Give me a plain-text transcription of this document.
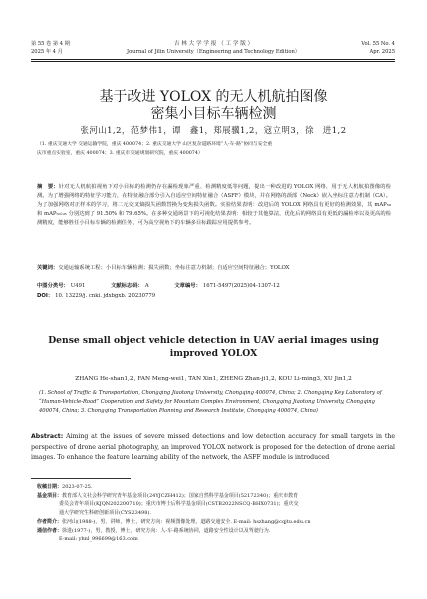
第 55 卷 第 4 期
2025 年 4 月
吉 林 大 学 学 报 （ 工 学 版 ）
Journal of Jilin University（Engineering and Technology Edition）
Vol. 55 No. 4
Apr. 2025
基于改进 YOLOX 的无人机航拍图像
密集小目标车辆检测
张河山1,2，范梦伟1，谭　鑫1，郑展骥1,2，寇立明3，徐　进1,2
（1. 重庆交通大学 交通运输学院，重庆 400074；2. 重庆交通大学 山区复杂道路环境“人-车-路”协同与安全重
庆市重点实验室，重庆 400074；3. 重庆市交通规划研究院，重庆 400074）
摘　要：针对无人机航拍视角下对小目标的检测仍存在漏检现象严重、检测精度低等问题，提出一种改进的 YOLOX 网络，用于无人机航拍图像的检测。为了增强网络的特征学习能力，在特征融合部分引入自适应空间特征融合（ASFF）模块，并在网络的颈部（Neck）嵌入坐标注意力机制（CA）。为了加强网络对正样本的学习，将二元交叉熵损失函数替换为变焦损失函数。实验结果表明：改进后的 YOLOX 网络具有更好的检测效果，其 mAP₅₀ 和 mAP₅₀:₉₅ 分别达到了 91.50% 和 79.65%。在多种交通场景下的可视化结果表明：相较于其他算法，优化后的网络具有更低的漏检率以及更高的检测精度，能够胜任小目标车辆的检测任务，可为高空视角下的车辆多目标跟踪应用提供参考。
关键词：交通运输系统工程；小目标车辆检测；损失函数；坐标注意力机制；自适应空间特征融合；YOLOX
中图分类号： U491	文献标志码： A	文章编号： 1671-5497(2025)04-1307-12
DOI： 10. 13229/j. cnki. jdxbgxb. 20230779
Dense small object vehicle detection in UAV aerial images using improved YOLOX
ZHANG He-shan1,2, FAN Meng-wei1, TAN Xin1, ZHENG Zhan-ji1,2, KOU Li-ming3, XU Jin1,2
(1. School of Traffic & Transportation, Chongqing Jiaotong University, Chongqing 400074, China; 2. Chongqing Key Laboratory of “Human-Vehicle-Road” Cooperation and Safety for Mountain Complex Environment, Chongqing Jiaotong University, Chongqing 400074, China; 3. Chongqing Transportation Planning and Research Institute, Chongqing 400074, China)
Abstract: Aiming at the issues of severe missed detections and low detection accuracy for small targets in the perspective of drone aerial photography, an improved YOLOX network is proposed for the detection of drone aerial images. To enhance the feature learning ability of the network, the ASFF module is introduced
收稿日期：2023-07-25.
基金项目：教育部人文社会科学研究青年基金项目(24YJCZH412)；国家自然科学基金项目(52172340)；重庆市教育
委员会青年项目(KJQN202200710)；重庆市博士后科学基金项目(CSTB2022NSCQ-BHX0731)；重庆交
通大学研究生科研创新项目(CYS23498).
作者简介：张河山(1988-)，男，讲师，博士，研究方向：视频图像处理，道路交通安全. E-mail: hszhang@cqjtu.edu.cn
通信作者：徐进(1977-)，男，教授，博士，研究方向：人-车-路系统协同，道路安全性设计以及驾驶行为.
E-mail: yhnl_996699@163.com
